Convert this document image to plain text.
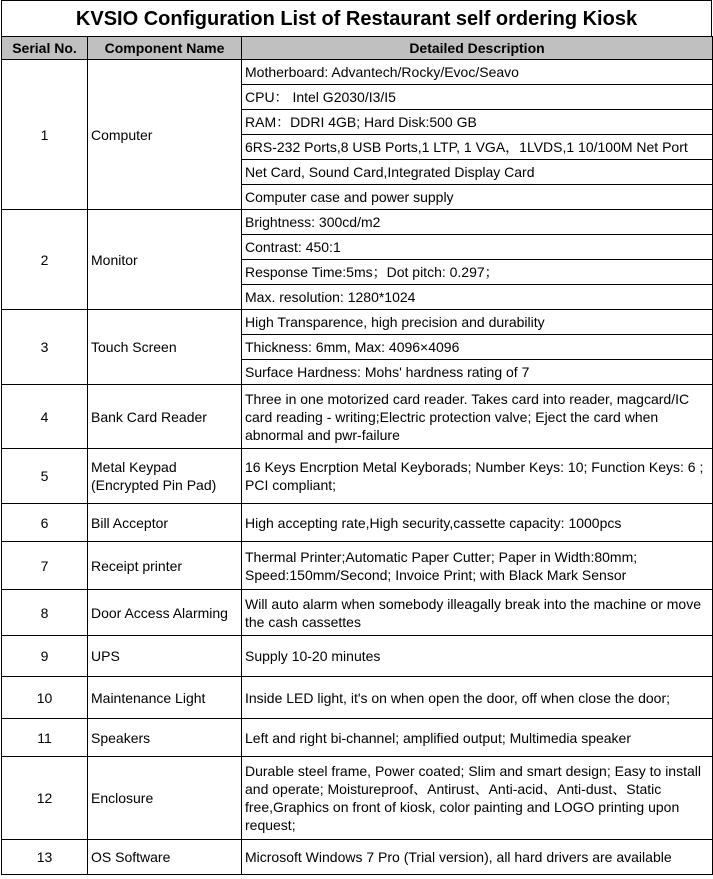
KVSIO Configuration List of Restaurant self ordering Kiosk
Serial No.	Component Name	Detailed Description
1	Computer	Motherboard: Advantech/Rocky/Evoc/Seavo
		CPU： Intel G2030/I3/I5
		RAM：DDRI 4GB; Hard Disk:500 GB
		6RS-232 Ports,8 USB Ports,1 LTP, 1 VGA，1LVDS,1 10/100M Net Port
		Net Card, Sound Card,Integrated Display Card
		Computer case and power supply
2	Monitor	Brightness: 300cd/m2
		Contrast: 450:1
		Response Time:5ms；Dot pitch: 0.297；
		Max. resolution: 1280*1024
3	Touch Screen	High Transparence, high precision and durability
		Thickness: 6mm, Max: 4096×4096
		Surface Hardness: Mohs' hardness rating of 7
4	Bank Card Reader	Three in one motorized card reader. Takes card into reader, magcard/IC card reading - writing;Electric protection valve; Eject the card when abnormal and pwr-failure
5	Metal Keypad (Encrypted Pin Pad)	16 Keys Encrption Metal Keyborads; Number Keys: 10; Function Keys: 6 ; PCI compliant;
6	Bill Acceptor	High accepting rate,High security,cassette capacity: 1000pcs
7	Receipt printer	Thermal Printer;Automatic Paper Cutter; Paper in Width:80mm; Speed:150mm/Second; Invoice Print; with Black Mark Sensor
8	Door Access Alarming	Will auto alarm when somebody illeagally break into the machine or move the cash cassettes
9	UPS	Supply 10-20 minutes
10	Maintenance Light	Inside LED light, it's on when open the door, off when close the door;
11	Speakers	Left and right bi-channel; amplified output; Multimedia speaker
12	Enclosure	Durable steel frame, Power coated; Slim and smart design; Easy to install and operate; Moistureproof、Antirust、Anti-acid、Anti-dust、Static free,Graphics on front of kiosk, color painting and LOGO printing upon request;
13	OS Software	Microsoft Windows 7 Pro (Trial version), all hard drivers are available
